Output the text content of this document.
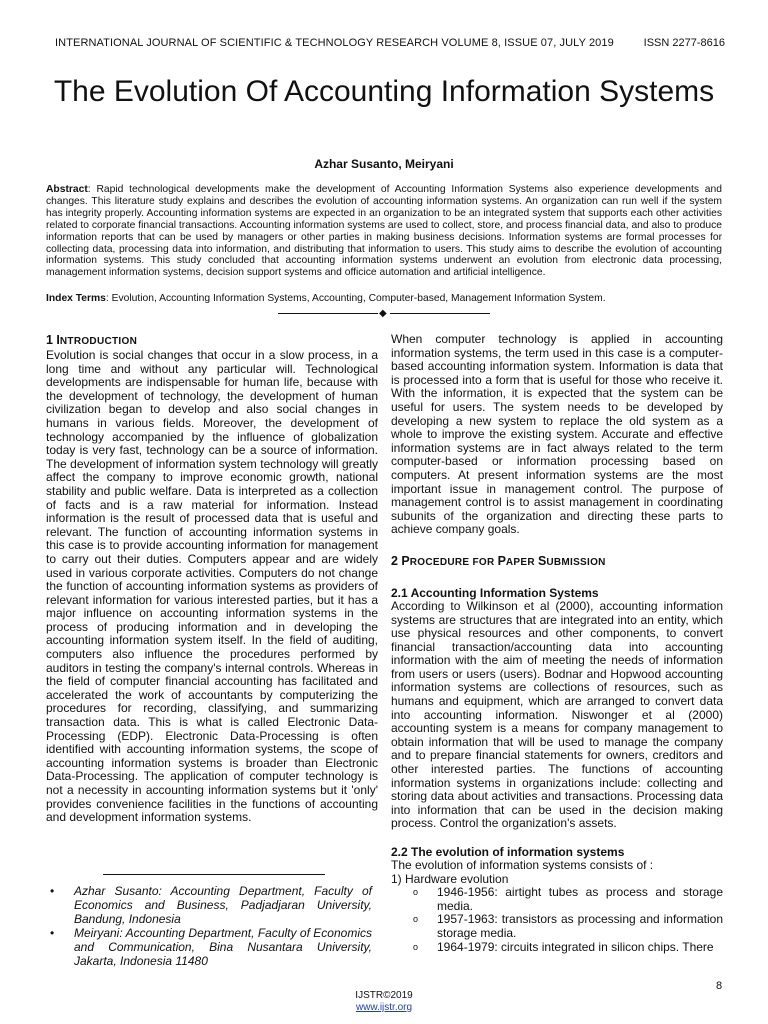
INTERNATIONAL JOURNAL OF SCIENTIFIC & TECHNOLOGY RESEARCH VOLUME 8, ISSUE 07, JULY 2019	ISSN 2277-8616
The Evolution Of Accounting Information Systems
Azhar Susanto, Meiryani
Abstract: Rapid technological developments make the development of Accounting Information Systems also experience developments and changes. This literature study explains and describes the evolution of accounting information systems. An organization can run well if the system has integrity properly. Accounting information systems are expected in an organization to be an integrated system that supports each other activities related to corporate financial transactions. Accounting information systems are used to collect, store, and process financial data, and also to produce information reports that can be used by managers or other parties in making business decisions. Information systems are formal processes for collecting data, processing data into information, and distributing that information to users. This study aims to describe the evolution of accounting information systems. This study concluded that accounting information systems underwent an evolution from electronic data processing, management information systems, decision support systems and officice automation and artificial intelligence.
Index Terms: Evolution, Accounting Information Systems, Accounting, Computer-based, Management Information System.
◆
1 INTRODUCTION

Evolution is social changes that occur in a slow process, in a long time and without any particular will. Technological developments are indispensable for human life, because with the development of technology, the development of human civilization began to develop and also social changes in humans in various fields. Moreover, the development of technology accompanied by the influence of globalization today is very fast, technology can be a source of information. The development of information system technology will greatly affect the company to improve economic growth, national stability and public welfare. Data is interpreted as a collection of facts and is a raw material for information. Instead information is the result of processed data that is useful and relevant. The function of accounting information systems in this case is to provide accounting information for management to carry out their duties. Computers appear and are widely used in various corporate activities. Computers do not change the function of accounting information systems as providers of relevant information for various interested parties, but it has a major influence on accounting information systems in the process of producing information and in developing the accounting information system itself. In the field of auditing, computers also influence the procedures performed by auditors in testing the company's internal controls. Whereas in the field of computer financial accounting has facilitated and accelerated the work of accountants by computerizing the procedures for recording, classifying, and summarizing transaction data. This is what is called Electronic Data-Processing (EDP). Electronic Data-Processing is often identified with accounting information systems, the scope of accounting information systems is broader than Electronic Data-Processing. The application of computer technology is not a necessity in accounting information systems but it 'only' provides convenience facilities in the functions of accounting and development information systems.

• Azhar Susanto: Accounting Department, Faculty of Economics and Business, Padjadjaran University, Bandung, Indonesia
• Meiryani: Accounting Department, Faculty of Economics and Communication, Bina Nusantara University, Jakarta, Indonesia 11480

When computer technology is applied in accounting information systems, the term used in this case is a computer-based accounting information system. Information is data that is processed into a form that is useful for those who receive it. With the information, it is expected that the system can be useful for users. The system needs to be developed by developing a new system to replace the old system as a whole to improve the existing system. Accurate and effective information systems are in fact always related to the term computer-based or information processing based on computers. At present information systems are the most important issue in management control. The purpose of management control is to assist management in coordinating subunits of the organization and directing these parts to achieve company goals.

2 PROCEDURE FOR PAPER SUBMISSION
2.1 Accounting Information Systems

According to Wilkinson et al (2000), accounting information systems are structures that are integrated into an entity, which use physical resources and other components, to convert financial transaction/accounting data into accounting information with the aim of meeting the needs of information from users or users (users). Bodnar and Hopwood accounting information systems are collections of resources, such as humans and equipment, which are arranged to convert data into accounting information. Niswonger et al (2000) accounting system is a means for company management to obtain information that will be used to manage the company and to prepare financial statements for owners, creditors and other interested parties. The functions of accounting information systems in organizations include: collecting and storing data about activities and transactions. Processing data into information that can be used in the decision making process. Control the organization's assets.

2.2 The evolution of information systems

The evolution of information systems consists of :

1) Hardware evolution

o 1946-1956: airtight tubes as process and storage media.
o 1957-1963: transistors as processing and information storage media.
o 1964-1979: circuits integrated in silicon chips. There
8
IJSTR©2019
www.ijstr.org
